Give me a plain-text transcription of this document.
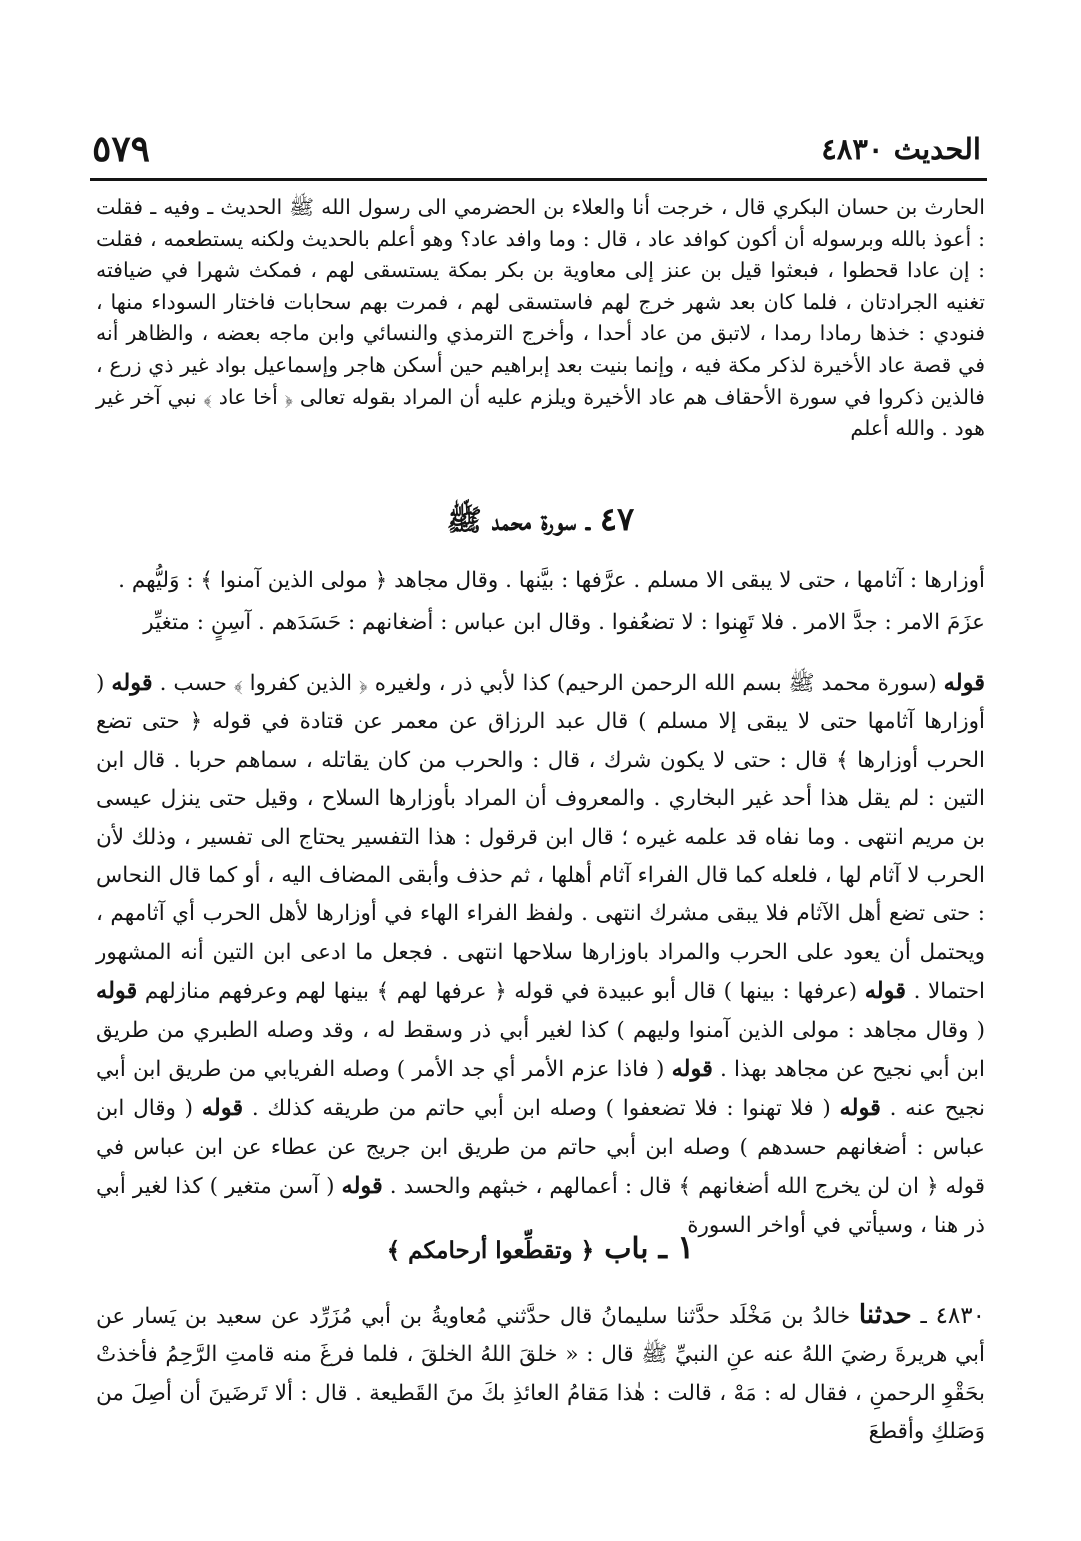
الحديث ٤٨٣٠
٥٧٩
الحارث بن حسان البكري قال ، خرجت أنا والعلاء بن الحضرمي الى رسول الله ﷺ الحديث ـ وفيه ـ فقلت : أعوذ بالله وبرسوله أن أكون كوافد عاد ، قال : وما وافد عاد؟ وهو أعلم بالحديث ولكنه يستطعمه ، فقلت : إن عادا قحطوا ، فبعثوا قيل بن عنز إلى معاوية بن بكر بمكة يستسقى لهم ، فمكث شهرا في ضيافته تغنيه الجرادتان ، فلما كان بعد شهر خرج لهم فاستسقى لهم ، فمرت بهم سحابات فاختار السوداء منها ، فنودي : خذها رمادا رمدا ، لاتبق من عاد أحدا ، وأخرج الترمذي والنسائي وابن ماجه بعضه ، والظاهر أنه في قصة عاد الأخيرة لذكر مكة فيه ، وإنما بنيت بعد إبراهيم حين أسكن هاجر وإسماعيل بواد غير ذي زرع ، فالذين ذكروا في سورة الأحقاف هم عاد الأخيرة ويلزم عليه أن المراد بقوله تعالى ﴿ أخا عاد ﴾ نبي آخر غير هود . والله أعلم
٤٧ ـ سورة محمد ﷺ
أوزارها : آثامها ، حتى لا يبقى الا مسلم . عرَّفها : بيَّنها . وقال مجاهد ﴿ مولى الذين آمنوا ﴾ : وَليُّهم .
عزَمَ الامر : جدَّ الامر . فلا تَهِنوا : لا تضعُفوا . وقال ابن عباس : أضغانهم : حَسَدَهم . آسِنٍ : متغيِّر
قوله (سورة محمد ﷺ بسم الله الرحمن الرحيم) كذا لأبي ذر ، ولغيره ﴿ الذين كفروا ﴾ حسب . قوله ( أوزارها آثامها حتى لا يبقى إلا مسلم ) قال عبد الرزاق عن معمر عن قتادة في قوله ﴿ حتى تضع الحرب أوزارها ﴾ قال : حتى لا يكون شرك ، قال : والحرب من كان يقاتله ، سماهم حربا . قال ابن التين : لم يقل هذا أحد غير البخاري . والمعروف أن المراد بأوزارها السلاح ، وقيل حتى ينزل عيسى بن مريم انتهى . وما نفاه قد علمه غيره ؛ قال ابن قرقول : هذا التفسير يحتاج الى تفسير ، وذلك لأن الحرب لا آثام لها ، فلعله كما قال الفراء آثام أهلها ، ثم حذف وأبقى المضاف اليه ، أو كما قال النحاس : حتى تضع أهل الآثام فلا يبقى مشرك انتهى . ولفظ الفراء الهاء في أوزارها لأهل الحرب أي آثامهم ، ويحتمل أن يعود على الحرب والمراد باوزارها سلاحها انتهى . فجعل ما ادعى ابن التين أنه المشهور احتمالا . قوله (عرفها : بينها ) قال أبو عبيدة في قوله ﴿ عرفها لهم ﴾ بينها لهم وعرفهم منازلهم قوله ( وقال مجاهد : مولى الذين آمنوا وليهم ) كذا لغير أبي ذر وسقط له ، وقد وصله الطبري من طريق ابن أبي نجيح عن مجاهد بهذا . قوله ( فاذا عزم الأمر أي جد الأمر ) وصله الفريابي من طريق ابن أبي نجيح عنه . قوله ( فلا تهنوا : فلا تضعفوا ) وصله ابن أبي حاتم من طريقه كذلك . قوله ( وقال ابن عباس : أضغانهم حسدهم ) وصله ابن أبي حاتم من طريق ابن جريج عن عطاء عن ابن عباس في قوله ﴿ ان لن يخرج الله أضغانهم ﴾ قال : أعمالهم ، خبثهم والحسد . قوله ( آسن متغير ) كذا لغير أبي ذر هنا ، وسيأتي في أواخر السورة
١ ـ باب ﴿ وتقطِّعوا أرحامكم ﴾
٤٨٣٠ ـ حدثنا خالدُ بن مَخْلَد حدَّثنا سليمانُ قال حدَّثني مُعاويةُ بن أبي مُزَرِّد عن سعيد بن يَسار عن أبي هريرةَ رضيَ اللهُ عنه عنِ النبيِّ ﷺ قال : « خلقَ اللهُ الخلقَ ، فلما فرغَ منه قامتِ الرَّحِمُ فأخذتْ بحَقْوِ الرحمنِ ، فقال له : مَهْ ، قالت : هٰذا مَقامُ العائذِ بكَ منَ القَطيعة . قال : ألا تَرضَينَ أن أصِلَ من وَصَلكِ وأقطعَ
